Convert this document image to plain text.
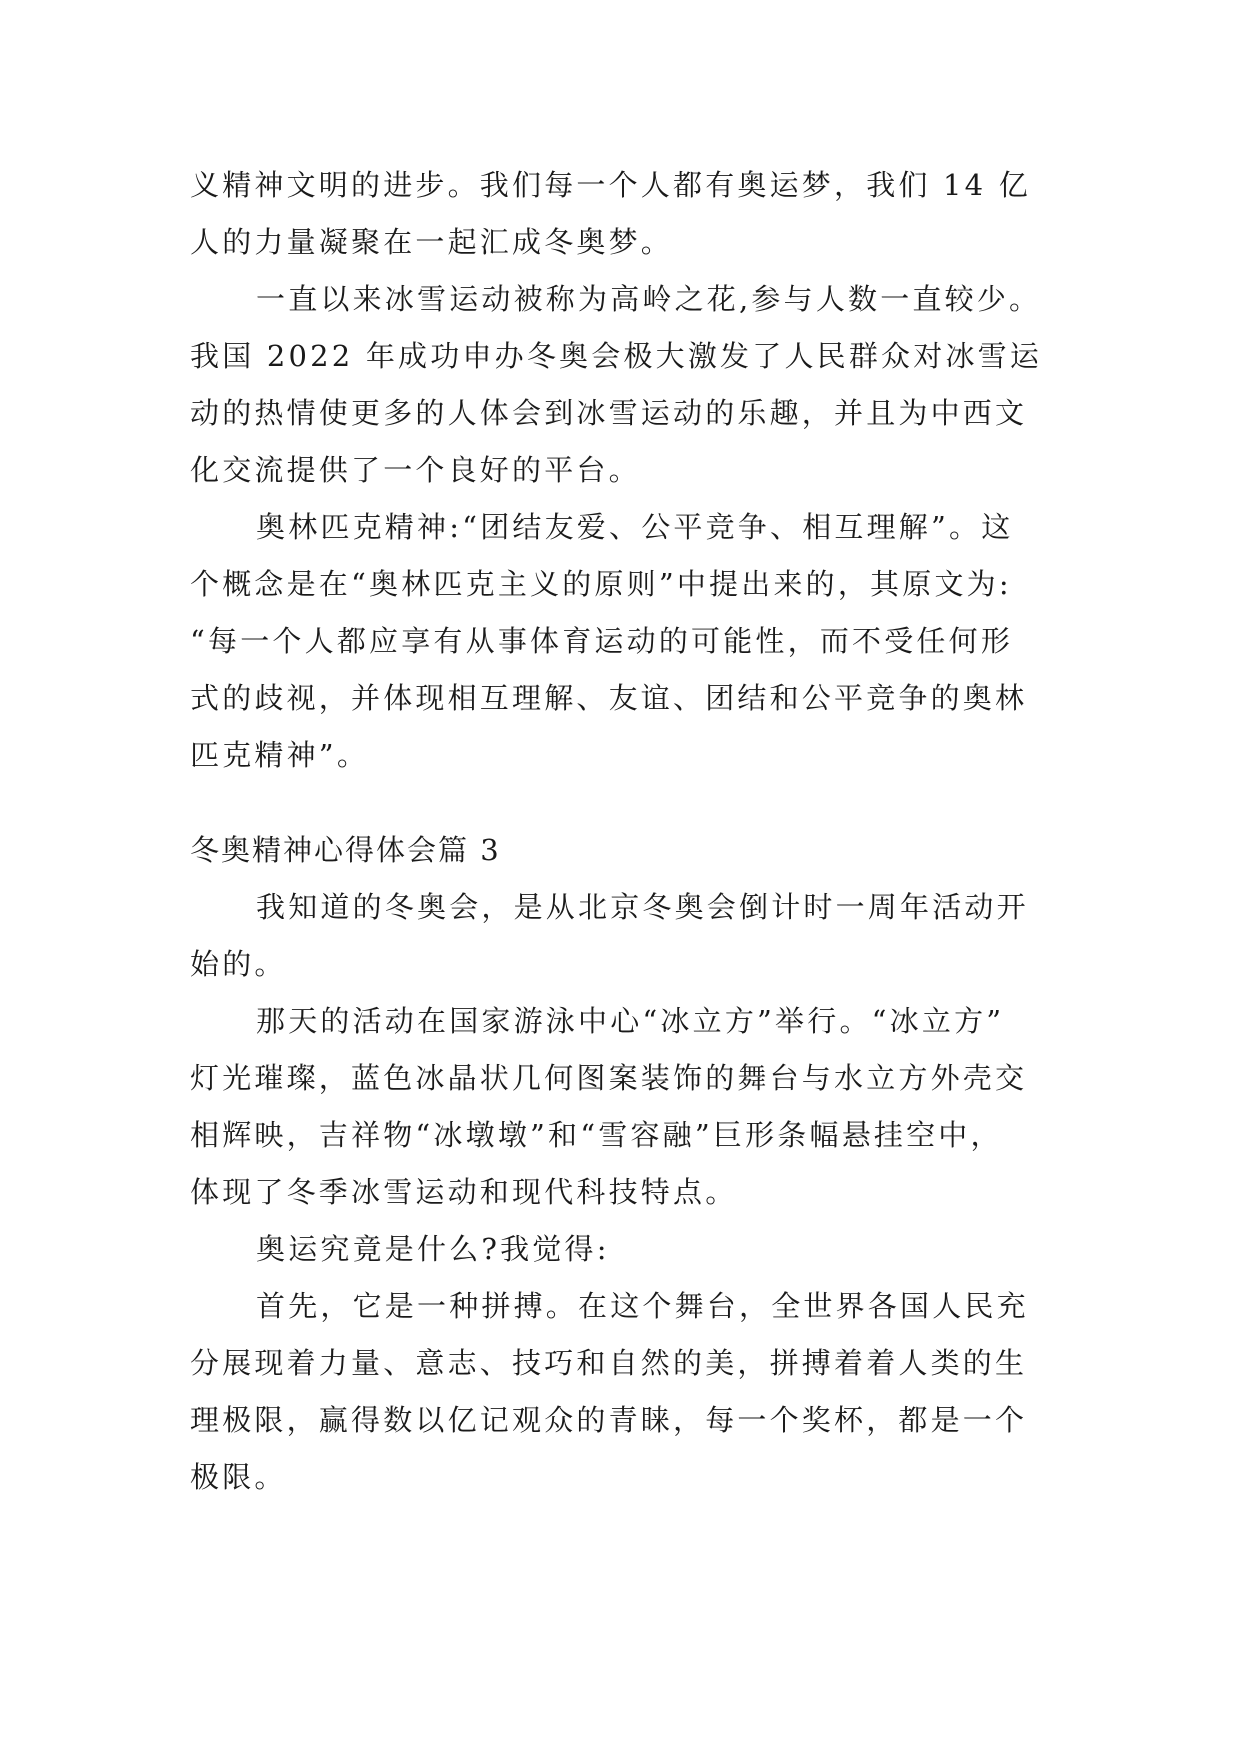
义精神文明的进步。我们每一个人都有奥运梦，我们 14 亿
人的力量凝聚在一起汇成冬奥梦。
一直以来冰雪运动被称为高岭之花,参与人数一直较少。
我国 2022 年成功申办冬奥会极大激发了人民群众对冰雪运
动的热情使更多的人体会到冰雪运动的乐趣，并且为中西文
化交流提供了一个良好的平台。
奥林匹克精神:“团结友爱、公平竞争、相互理解”。这
个概念是在“奥林匹克主义的原则”中提出来的，其原文为:
“每一个人都应享有从事体育运动的可能性，而不受任何形
式的歧视，并体现相互理解、友谊、团结和公平竞争的奥林
匹克精神”。
冬奥精神心得体会篇 3
我知道的冬奥会，是从北京冬奥会倒计时一周年活动开
始的。
那天的活动在国家游泳中心“冰立方”举行。“冰立方”
灯光璀璨，蓝色冰晶状几何图案装饰的舞台与水立方外壳交
相辉映，吉祥物“冰墩墩”和“雪容融”巨形条幅悬挂空中，
体现了冬季冰雪运动和现代科技特点。
奥运究竟是什么?我觉得:
首先，它是一种拼搏。在这个舞台，全世界各国人民充
分展现着力量、意志、技巧和自然的美，拼搏着着人类的生
理极限，赢得数以亿记观众的青睐，每一个奖杯，都是一个
极限。
